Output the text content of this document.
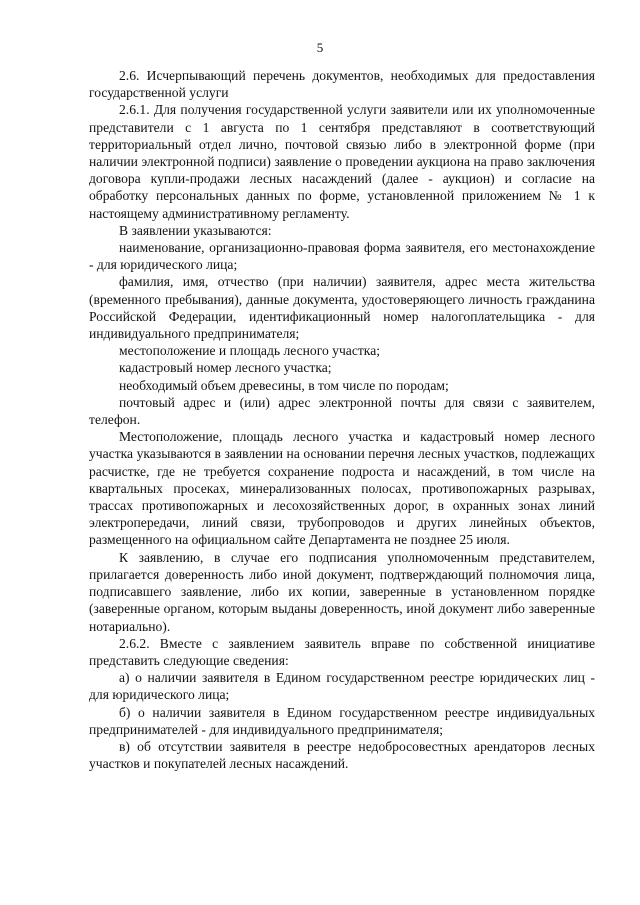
5

2.6. Исчерпывающий перечень документов, необходимых для предоставления государственной услуги

2.6.1. Для получения государственной услуги заявители или их уполномоченные представители с 1 августа по 1 сентября представляют в соответствующий территориальный отдел лично, почтовой связью либо в электронной форме (при наличии электронной подписи) заявление о проведении аукциона на право заключения договора купли-продажи лесных насаждений (далее - аукцион) и согласие на обработку персональных данных по форме, установленной приложением № 1 к настоящему административному регламенту.

В заявлении указываются:

наименование, организационно-правовая форма заявителя, его местонахождение - для юридического лица;

фамилия, имя, отчество (при наличии) заявителя, адрес места жительства (временного пребывания), данные документа, удостоверяющего личность гражданина Российской Федерации, идентификационный номер налогоплательщика - для индивидуального предпринимателя;

местоположение и площадь лесного участка;

кадастровый номер лесного участка;

необходимый объем древесины, в том числе по породам;

почтовый адрес и (или) адрес электронной почты для связи с заявителем, телефон.

Местоположение, площадь лесного участка и кадастровый номер лесного участка указываются в заявлении на основании перечня лесных участков, подлежащих расчистке, где не требуется сохранение подроста и насаждений, в том числе на квартальных просеках, минерализованных полосах, противопожарных разрывах, трассах противопожарных и лесохозяйственных дорог, в охранных зонах линий электропередачи, линий связи, трубопроводов и других линейных объектов, размещенного на официальном сайте Департамента не позднее 25 июля.

К заявлению, в случае его подписания уполномоченным представителем, прилагается доверенность либо иной документ, подтверждающий полномочия лица, подписавшего заявление, либо их копии, заверенные в установленном порядке (заверенные органом, которым выданы доверенность, иной документ либо заверенные нотариально).

2.6.2. Вместе с заявлением заявитель вправе по собственной инициативе представить следующие сведения:

а) о наличии заявителя в Едином государственном реестре юридических лиц - для юридического лица;

б) о наличии заявителя в Едином государственном реестре индивидуальных предпринимателей - для индивидуального предпринимателя;

в) об отсутствии заявителя в реестре недобросовестных арендаторов лесных участков и покупателей лесных насаждений.
